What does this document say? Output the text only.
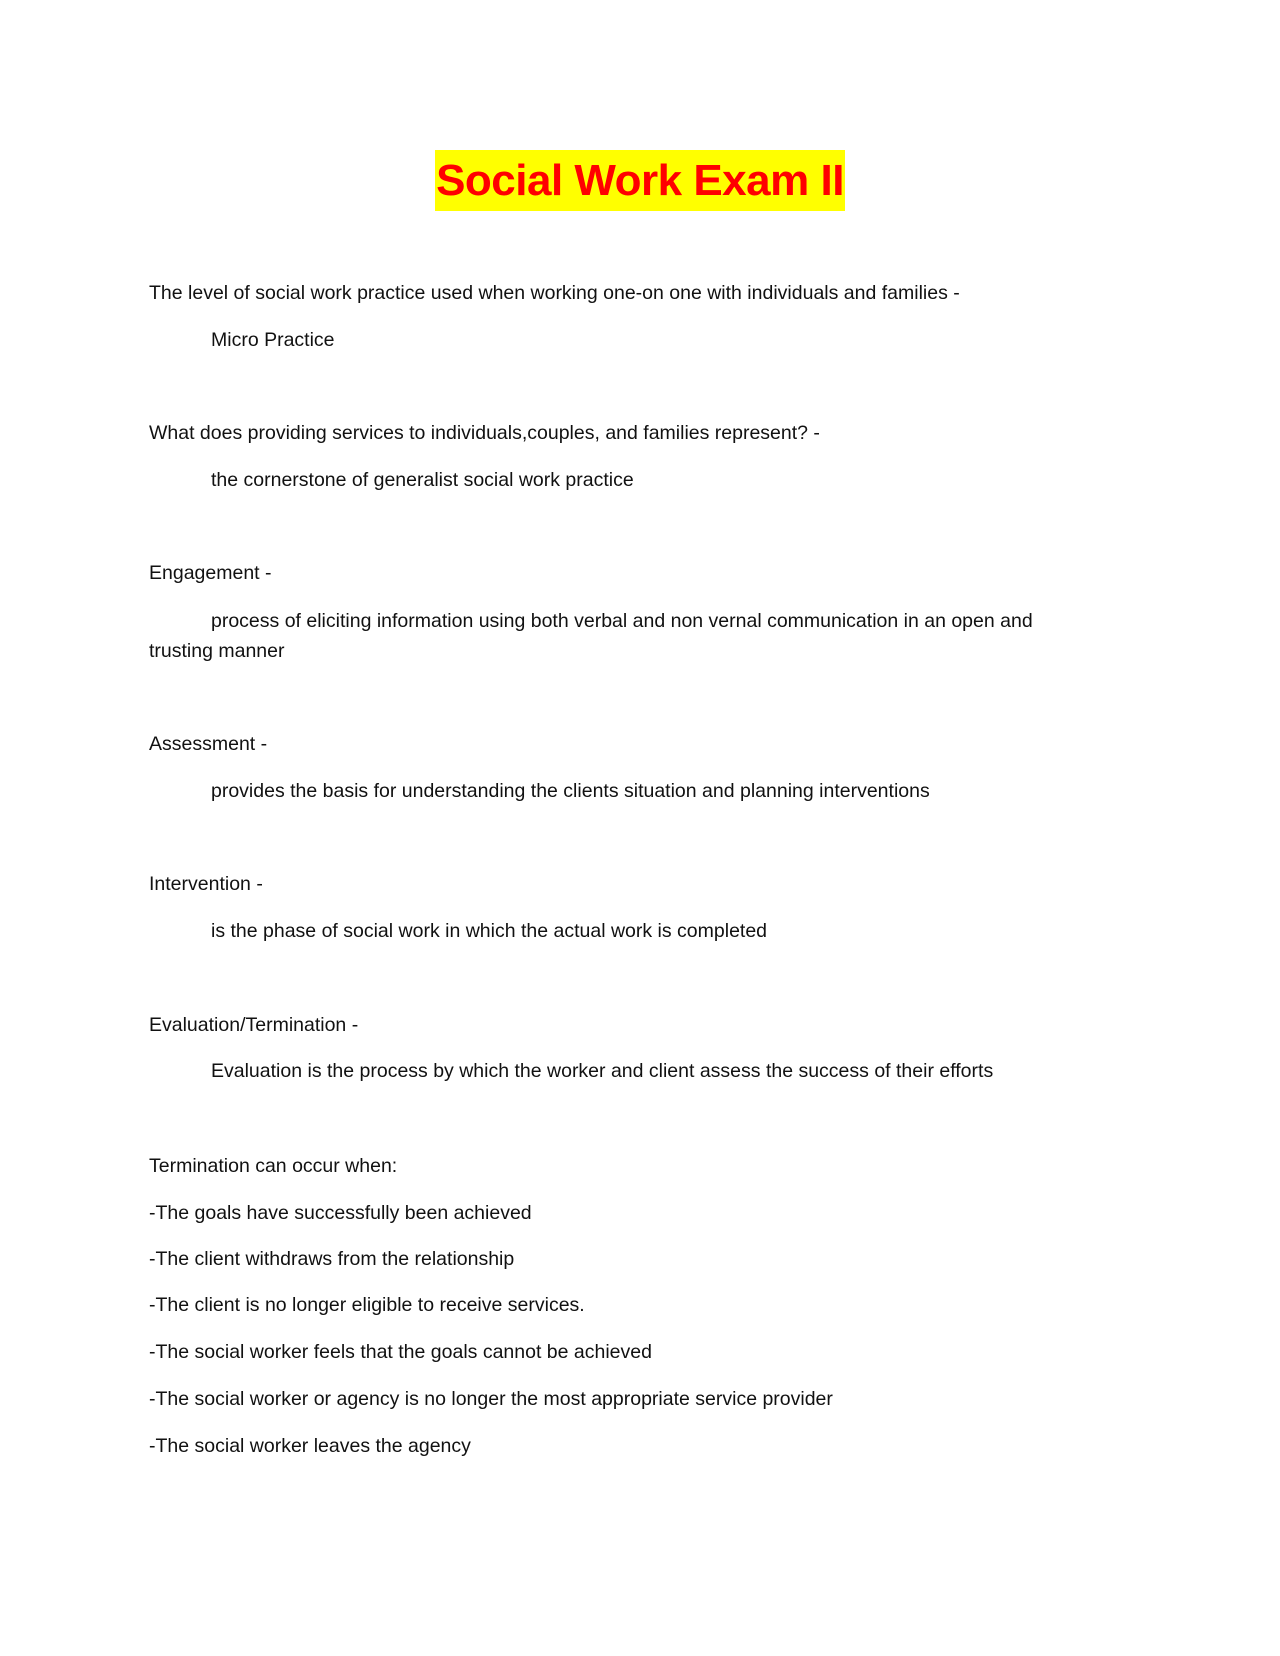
Social Work Exam II
The level of social work practice used when working one-on one with individuals and families -
Micro Practice
What does providing services to individuals,couples, and families represent? -
the cornerstone of generalist social work practice
Engagement -
process of eliciting information using both verbal and non vernal communication in an open and
trusting manner
Assessment -
provides the basis for understanding the clients situation and planning interventions
Intervention -
is the phase of social work in which the actual work is completed
Evaluation/Termination -
Evaluation is the process by which the worker and client assess the success of their efforts
Termination can occur when:
-The goals have successfully been achieved
-The client withdraws from the relationship
-The client is no longer eligible to receive services.
-The social worker feels that the goals cannot be achieved
-The social worker or agency is no longer the most appropriate service provider
-The social worker leaves the agency
